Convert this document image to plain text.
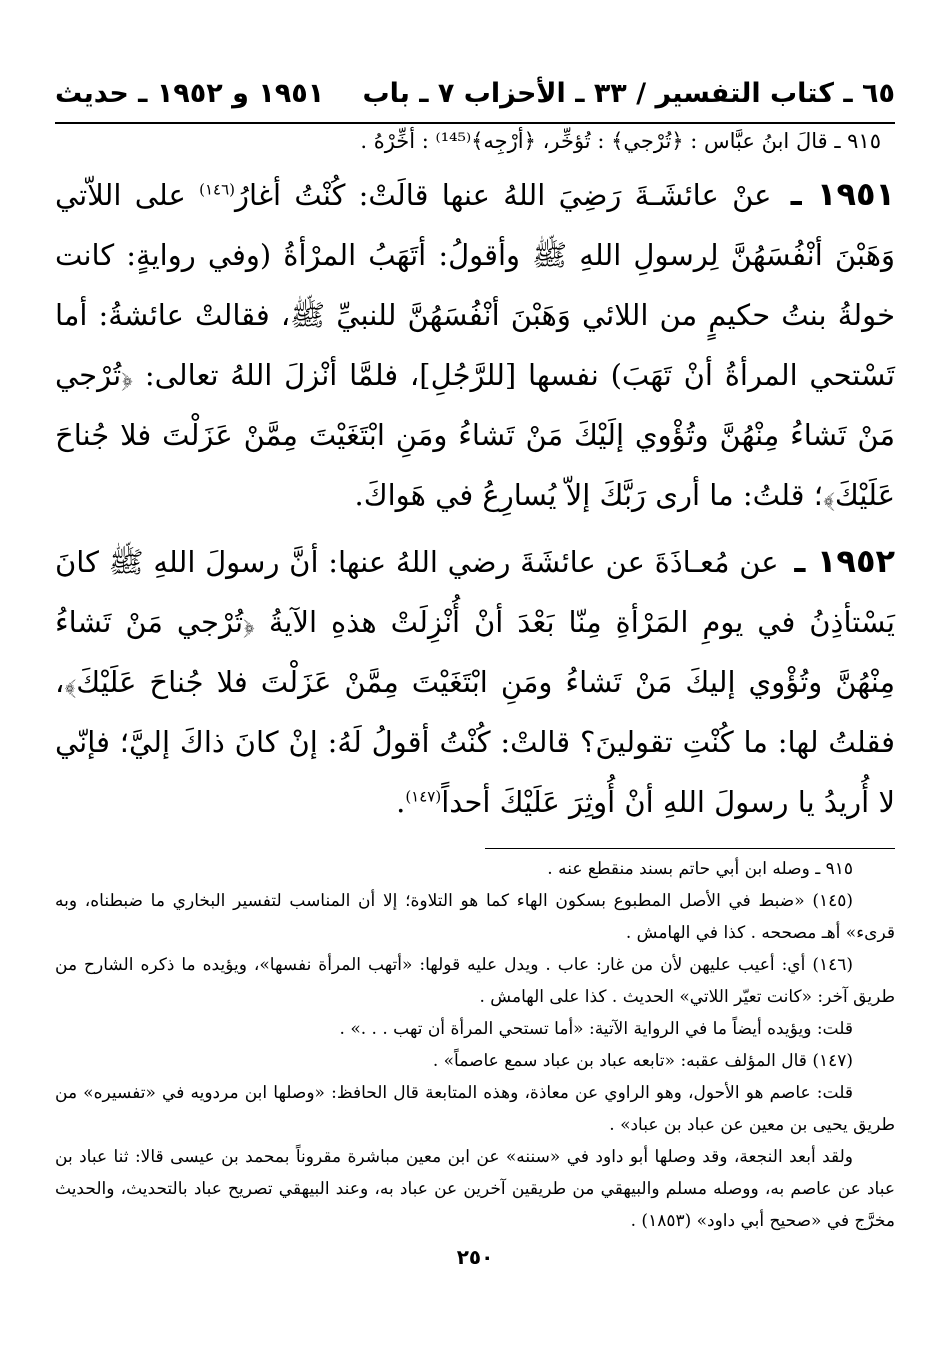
٦٥ ـ كتاب التفسير / ٣٣ ـ الأحزاب ٧ ـ باب
١٩٥١ و ١٩٥٢ ـ حديث
٩١٥ ـ قالَ ابنُ عبَّاس : ﴿تُرْجي﴾ : تُؤخِّر، ﴿أرْجِه﴾⁽¹⁴⁵⁾ : أخِّرْهُ .
١٩٥١ ـ عنْ عائشَـةَ رَضِيَ اللهُ عنها قالَتْ: كُنْتُ أغارُ$^{(١٤٦)}$ على اللاّتي وَهَبْنَ أنْفُسَهُنَّ لِرسولِ اللهِ ﷺ وأقولُ: أتَهَبُ المرْأةُ (وفي روايةٍ: كانت خولةُ بنتُ حكيمٍ من اللائي وَهَبْنَ أنْفُسَهُنَّ للنبيِّ ﷺ، فقالتْ عائشةُ: أما تَسْتحي المرأةُ أنْ تَهَبَ) نفسها [للرَّجُلِ]، فلمَّا أنْزلَ اللهُ تعالى: ﴿تُرْجي مَنْ تَشاءُ مِنْهُنَّ وتُؤْوي إلَيْكَ مَنْ تَشاءُ ومَنِ ابْتَغَيْتَ مِمَّنْ عَزَلْتَ فلا جُناحَ عَلَيْكَ﴾؛ قلتُ: ما أرى رَبَّكَ إلاّ يُسارِعُ في هَواكَ.
١٩٥٢ ـ عن مُعـاذَةَ عن عائشَةَ رضي اللهُ عنها: أنَّ رسولَ اللهِ ﷺ كانَ يَسْتأذِنُ في يومِ المَرْأةِ مِنّا بَعْدَ أنْ أُنْزِلَتْ هذهِ الآيةُ ﴿تُرْجي مَنْ تَشاءُ مِنْهُنَّ وتُؤْوي إليكَ مَنْ تَشاءُ ومَنِ ابْتَغَيْتَ مِمَّنْ عَزَلْتَ فلا جُناحَ عَلَيْكَ﴾، فقلتُ لها: ما كُنْتِ تقولينَ؟ قالتْ: كُنْتُ أقولُ لَهُ: إنْ كانَ ذاكَ إليَّ؛ فإنّي لا أُريدُ يا رسولَ اللهِ أنْ أُوثِرَ عَلَيْكَ أحداً$^{(١٤٧)}$.

٩١٥ ـ وصله ابن أبي حاتم بسند منقطع عنه .

(١٤٥) «ضبط في الأصل المطبوع بسكون الهاء كما هو التلاوة؛ إلا أن المناسب لتفسير البخاري ما ضبطناه، وبه قرىء» أهـ مصححه . كذا في الهامش .

(١٤٦) أي: أعيب عليهن لأن من غار: عاب . ويدل عليه قولها: «أتهب المرأة نفسها»، ويؤيده ما ذكره الشارح من طريق آخر: «كانت تعيّر اللاتي» الحديث . كذا على الهامش .

قلت: ويؤيده أيضاً ما في الرواية الآتية: «أما تستحي المرأة أن تهب . . .» .

(١٤٧) قال المؤلف عقبه: «تابعه عباد بن عباد سمع عاصماً» .

قلت: عاصم هو الأحول، وهو الراوي عن معاذة، وهذه المتابعة قال الحافظ: «وصلها ابن مردويه في «تفسيره» من طريق يحيى بن معين عن عباد بن عباد» .

ولقد أبعد النجعة، وقد وصلها أبو داود في «سننه» عن ابن معين مباشرة مقروناً بمحمد بن عيسى قالا: ثنا عباد بن عباد عن عاصم به، ووصله مسلم والبيهقي من طريقين آخرين عن عباد به، وعند البيهقي تصريح عباد بالتحديث، والحديث مخرَّج في «صحيح أبي داود» (١٨٥٣) .

٢٥٠
